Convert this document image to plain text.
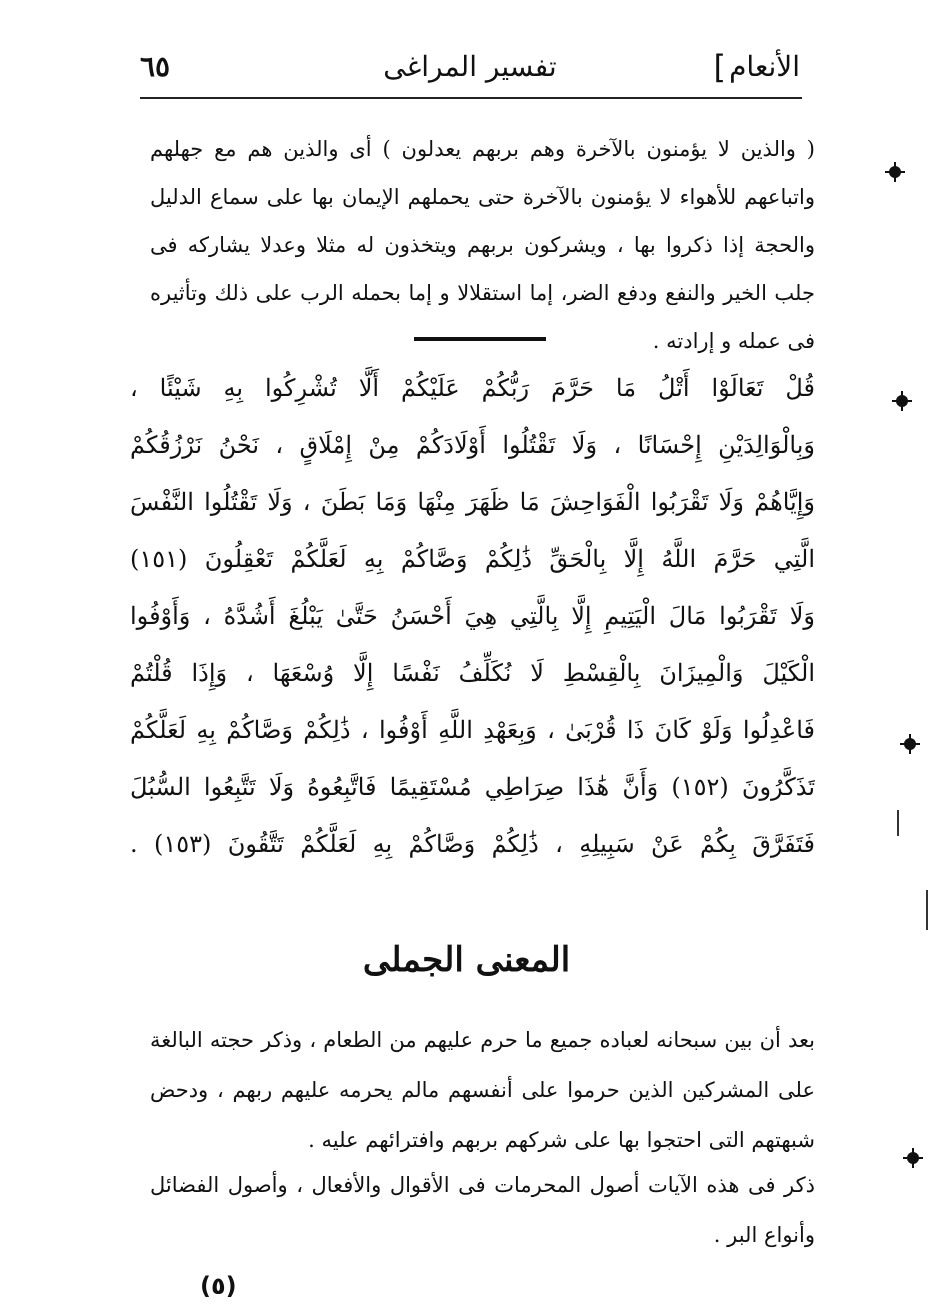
الأنعام
]
تفسير المراغى
٦٥
( والذين لا يؤمنون بالآخرة وهم بربهم يعدلون ) أى والذين هم مع جهلهم واتباعهم للأهواء لا يؤمنون بالآخرة حتى يحملهم الإيمان بها على سماع الدليل والحجة إذا ذكروا بها ، ويشركون بربهم ويتخذون له مثلا وعدلا يشاركه فى جلب الخير والنفع ودفع الضر، إما استقلالا و إما بحمله الرب على ذلك وتأثيره فى عمله و إرادته .
قُلْ تَعَالَوْا أَتْلُ مَا حَرَّمَ رَبُّكُمْ عَلَيْكُمْ أَلَّا تُشْرِكُوا بِهِ شَيْئًا ،
وَبِالْوَالِدَيْنِ إِحْسَانًا ، وَلَا تَقْتُلُوا أَوْلَادَكُمْ مِنْ إِمْلَاقٍ ، نَحْنُ نَرْزُقُكُمْ
وَإِيَّاهُمْ وَلَا تَقْرَبُوا الْفَوَاحِشَ مَا ظَهَرَ مِنْهَا وَمَا بَطَنَ ، وَلَا تَقْتُلُوا النَّفْسَ
الَّتِي حَرَّمَ اللَّهُ إِلَّا بِالْحَقِّ ذَٰلِكُمْ وَصَّاكُمْ بِهِ لَعَلَّكُمْ تَعْقِلُونَ (١٥١)
وَلَا تَقْرَبُوا مَالَ الْيَتِيمِ إِلَّا بِالَّتِي هِيَ أَحْسَنُ حَتَّىٰ يَبْلُغَ أَشُدَّهُ ، وَأَوْفُوا
الْكَيْلَ وَالْمِيزَانَ بِالْقِسْطِ لَا نُكَلِّفُ نَفْسًا إِلَّا وُسْعَهَا ، وَإِذَا قُلْتُمْ
فَاعْدِلُوا وَلَوْ كَانَ ذَا قُرْبَىٰ ، وَبِعَهْدِ اللَّهِ أَوْفُوا ، ذَٰلِكُمْ وَصَّاكُمْ بِهِ لَعَلَّكُمْ
تَذَكَّرُونَ (١٥٢) وَأَنَّ هَٰذَا صِرَاطِي مُسْتَقِيمًا فَاتَّبِعُوهُ وَلَا تَتَّبِعُوا السُّبُلَ
فَتَفَرَّقَ بِكُمْ عَنْ سَبِيلِهِ ، ذَٰلِكُمْ وَصَّاكُمْ بِهِ لَعَلَّكُمْ تَتَّقُونَ (١٥٣) .
المعنى الجملى
بعد أن بين سبحانه لعباده جميع ما حرم عليهم من الطعام ، وذكر حجته البالغة على المشركين الذين حرموا على أنفسهم مالم يحرمه عليهم ربهم ، ودحض شبهتهم التى احتجوا بها على شركهم بربهم وافترائهم عليه .
ذكر فى هذه الآيات أصول المحرمات فى الأقوال والأفعال ، وأصول الفضائل وأنواع البر .
(٥)
